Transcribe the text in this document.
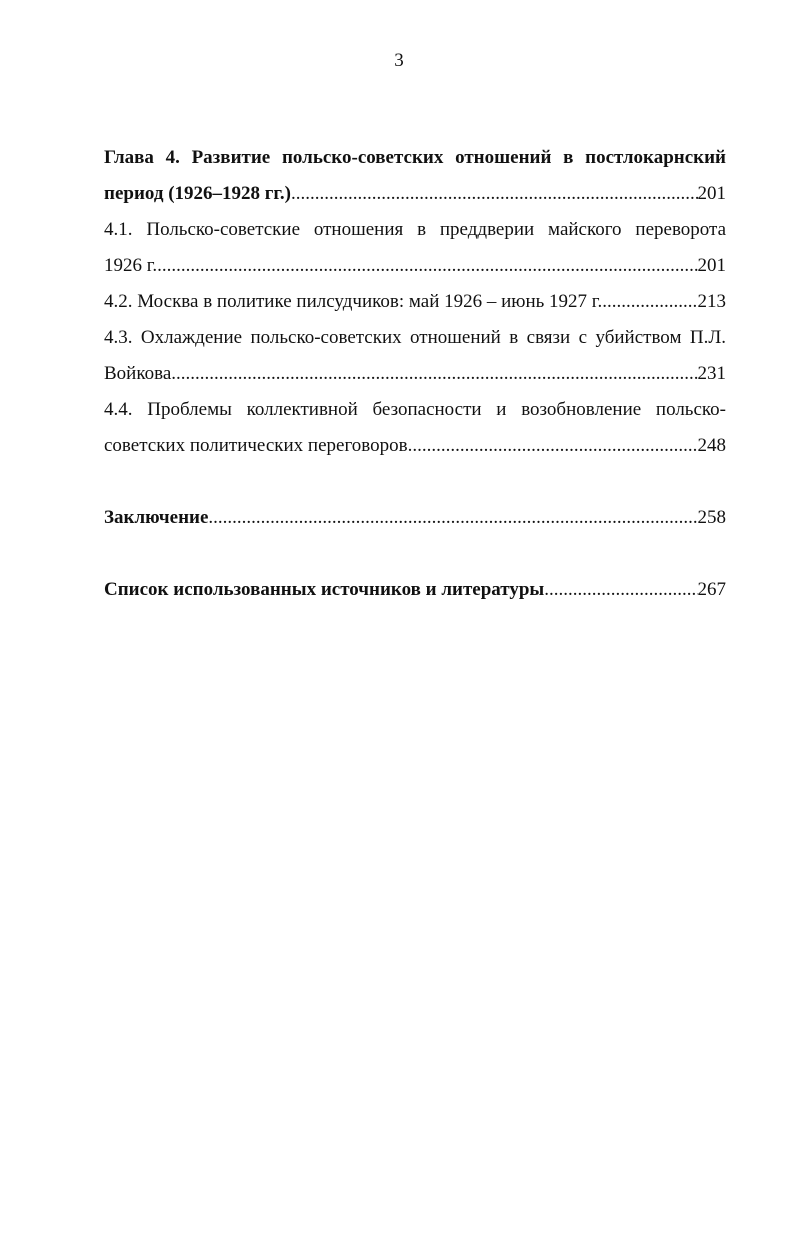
3
Глава 4. Развитие польско-советских отношений в постлокарнский
период (1926–1928 гг.) .....	201
4.1. Польско-советские отношения в преддверии майского переворота
1926 г. .....	201
4.2. Москва в политике пилсудчиков: май 1926 – июнь 1927 г. .....	213
4.3. Охлаждение польско-советских отношений в связи с убийством П.Л.
Войкова .....	231
4.4. Проблемы коллективной безопасности и возобновление польско-
советских политических переговоров .....	248
Заключение .....	258
Список использованных источников и литературы .....	267
